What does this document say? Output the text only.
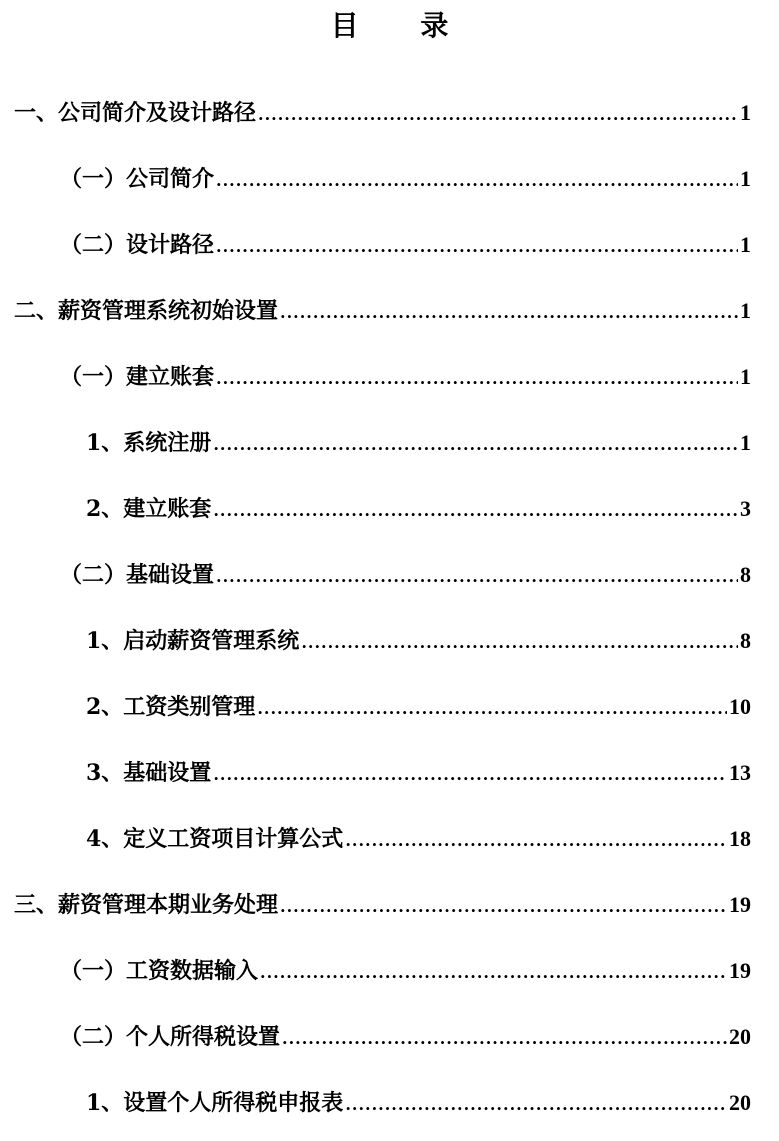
目 录
一、公司简介及设计路径 .....	1
（一）公司简介 .....	1
（二）设计路径 .....	1
二、薪资管理系统初始设置 .....	1
（一）建立账套 .....	1
1、系统注册 .....	1
2、建立账套 .....	3
（二）基础设置 .....	8
1、启动薪资管理系统 .....	8
2、工资类别管理 .....	10
3、基础设置 .....	13
4、定义工资项目计算公式 .....	18
三、薪资管理本期业务处理 .....	19
（一）工资数据输入 .....	19
（二）个人所得税设置 .....	20
1、设置个人所得税申报表 .....	20
